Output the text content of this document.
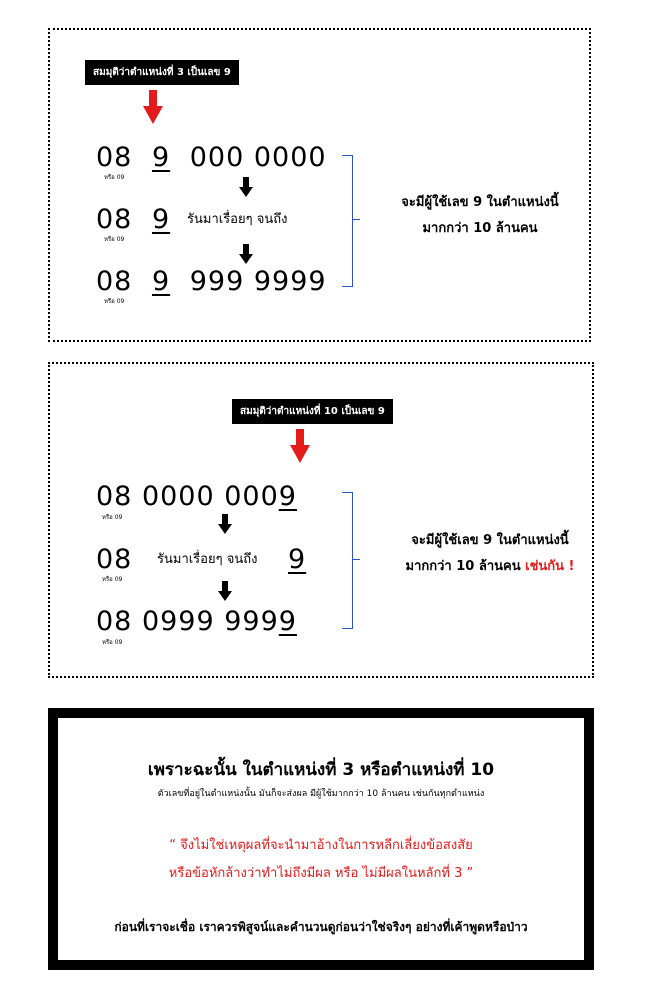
สมมุติว่าตำแหน่งที่ 3 เป็นเลข 9
08 9 000 0000
หรือ 09
08 9 รันมาเรื่อยๆ จนถึง
หรือ 09
08 9 999 9999
หรือ 09
จะมีผู้ใช้เลข 9 ในตำแหน่งนี้
มากกว่า 10 ล้านคน
สมมุติว่าตำแหน่งที่ 10 เป็นเลข 9
08 0000 0009
หรือ 09
08 รันมาเรื่อยๆ จนถึง 9
หรือ 09
08 0999 9999
หรือ 09
จะมีผู้ใช้เลข 9 ในตำแหน่งนี้
มากกว่า 10 ล้านคน เช่นกัน !
เพราะฉะนั้น ในตำแหน่งที่ 3 หรือตำแหน่งที่ 10
ตัวเลขที่อยู่ในตำแหน่งนั้น มันก็จะส่งผล มีผู้ใช้มากกว่า 10 ล้านคน เช่นกันทุกตำแหน่ง
“ จึงไม่ใช่เหตุผลที่จะนำมาอ้างในการหลีกเลี่ยงข้อสงสัย
หรือข้อหักล้างว่าทำไม่ถึงมีผล หรือ ไม่มีผลในหลักที่ 3 ”
ก่อนที่เราจะเชื่อ เราควรพิสูจน์และคำนวนดูก่อนว่าใช่จริงๆ อย่างที่เค้าพูดหรือป่าว
